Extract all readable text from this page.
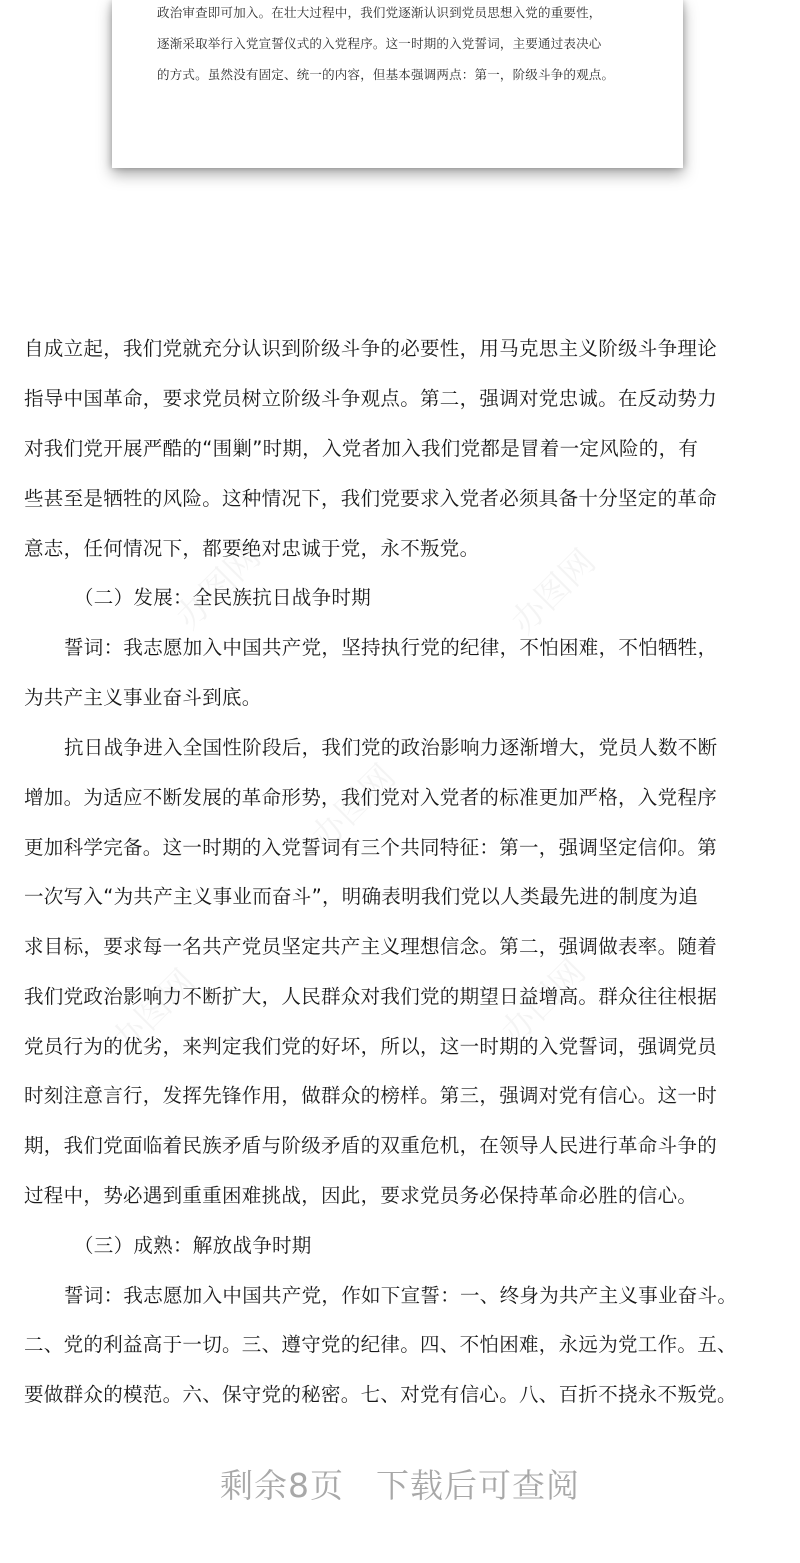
政治审查即可加入。在壮大过程中，我们党逐渐认识到党员思想入党的重要性，
逐渐采取举行入党宣誓仪式的入党程序。这一时期的入党誓词，主要通过表决心
的方式。虽然没有固定、统一的内容，但基本强调两点：第一，阶级斗争的观点。
自成立起，我们党就充分认识到阶级斗争的必要性，用马克思主义阶级斗争理论
指导中国革命，要求党员树立阶级斗争观点。第二，强调对党忠诚。在反动势力
对我们党开展严酷的“围剿”时期，入党者加入我们党都是冒着一定风险的，有
些甚至是牺牲的风险。这种情况下，我们党要求入党者必须具备十分坚定的革命
意志，任何情况下，都要绝对忠诚于党，永不叛党。
（二）发展：全民族抗日战争时期
誓词：我志愿加入中国共产党，坚持执行党的纪律，不怕困难，不怕牺牲，
为共产主义事业奋斗到底。
抗日战争进入全国性阶段后，我们党的政治影响力逐渐增大，党员人数不断
增加。为适应不断发展的革命形势，我们党对入党者的标准更加严格，入党程序
更加科学完备。这一时期的入党誓词有三个共同特征：第一，强调坚定信仰。第
一次写入“为共产主义事业而奋斗”，明确表明我们党以人类最先进的制度为追
求目标，要求每一名共产党员坚定共产主义理想信念。第二，强调做表率。随着
我们党政治影响力不断扩大，人民群众对我们党的期望日益增高。群众往往根据
党员行为的优劣，来判定我们党的好坏，所以，这一时期的入党誓词，强调党员
时刻注意言行，发挥先锋作用，做群众的榜样。第三，强调对党有信心。这一时
期，我们党面临着民族矛盾与阶级矛盾的双重危机，在领导人民进行革命斗争的
过程中，势必遇到重重困难挑战，因此，要求党员务必保持革命必胜的信心。
（三）成熟：解放战争时期
誓词：我志愿加入中国共产党，作如下宣誓：一、终身为共产主义事业奋斗。
二、党的利益高于一切。三、遵守党的纪律。四、不怕困难，永远为党工作。五、
要做群众的模范。六、保守党的秘密。七、对党有信心。八、百折不挠永不叛党。
剩余8页 下载后可查阅
